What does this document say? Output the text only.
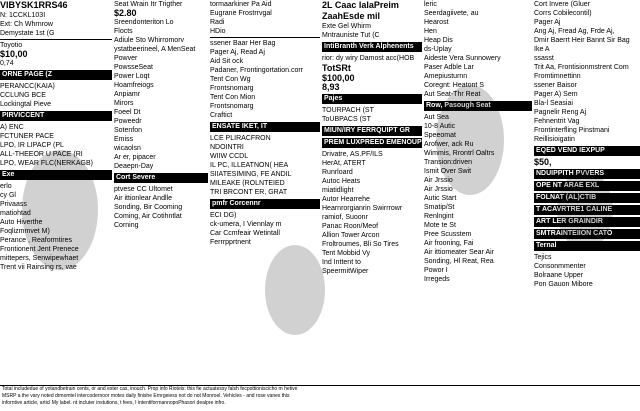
VIBYSK1RRS46
N: 1CCKL103I
Ext: Ch Whrnrow
Demystate 1st (G
Toyotio
$10,00
0,74
ORNE PAGE (Z
PERANCC(KAIA)
CCLUNG BCE
Lockingtal Pieve
PIRVICCENT
A) ENC
FCTUNER PACE
LPO, IR LIPACP (PL
ALL-THEEOR U PACE (RI
LPO, WEAR FLC(NERKAGB)
Exe
erlo
cy Gl
Privaass
matiohtad
Auto Hiverthe
Foqlizmmvet M)
Perance , Reaformtires
Frontionent Jent Prenece
mittepers, Senwipewhaet
Trent vii Rainsing rs, vae
Seat Wrain Itr Trigther
$2.80
Sreendonteriton Lo
Flocts
Adiule Sto Whirromorv
ystatbeerineel, A MenSeat
Powver
PowsseSeat
Power Loqt
Hoamfreiogs
Anpiamr
Mirors
Foeel Dt
Poweedr
Sotenfon
Emiss
wicaolsn
Ar er, pipacer
Deaepn-Day
Cort Severe
ptvese CC Ultomet
Air ittionlear Andlle
Sonding, Bir Cooming
Coming, Air Cotihntlat
Corning
tormaarkiner Pa Aid
Eugrane Frostrrvgal
Radi
HDio
ssener Baar Her Bag
Pager Aj, Read Aj
Aid Sit ock
Padaner, Frontingortation.corr
Tent Con Wg
Frontsnomarg
Tent Con Mion
Frontsnomarg
Craftict
ENSATE IKET, IT
LCE PLIRACFRON
NDOINTRI
WIIW CCDL
IL PC, ILLEATNON( HEA
SIIATESIMING, FE ANDIL
MILEAKE (ROLNTEIED
TRI BRCONT ER, GRAT
pmfr Corcennr
ECI DG)
ck-umera, I Viennlay m
Car Ccmfeair Wetintall
Ferrrpprtnent
2L Caac lalaPreim
ZaahEsde mil
Exte Gel Whirm
Mntrauniste Tut (C
IntiBranth Verk Alphenents
rior: dy wiry Damost acc(HOB
TotSRt
$100,00
8,93
Pajes
TOURPACH (ST
ToUBPACS (ST
MIUN/IRY FERRQUIPT GR
PREM LUXPREED EMENOUP
Drivatre, AS.PF/ILS
HerAt, ATERT
Runrloard
Autoc Heats
miatidlight
Autor Hearrehe
Hearnrorgianrin Swirrrowr
ramiof, Suoonr
Panac Roon/Meof
Allion Tower Arcon
Froltroumes, Bli So Tires
Tent Mobbid Vy
Ind Inttent to
SpeermitWiper
leric
Seerdagiivete, au
Hearost
Hen
Heap Dis
ds-Uplay
Aideste Vera Sunnowery
Paser Adble Lar
Amepiusturnn
Coregnt: Heatont S
Aut Seat-Thr Reat
Row, Pasough Seat
Aut Sea
10-8 Autic
Speeomat
Arofwer, ack Ru
Wimmis, Rrontrl Oaltrs
Transion:driven
Ismit Over Swit
Air Jrssio
Air Jrssio
Autic Start
Smatip/St
Renlngint
Mote te St
Pree Scusstem
Air frooning, Fai
Air ittiomeater Sear Air
Sonding, Hl Reat, Rea
Powor I
Irregeds
Cort Invere (Gluer
Corrs Cobilecontil)
Pager Aj
Ang Aj, Fread Ag, Frde Aj,
Dmir Baerrt Heir Bannt Sir Bag
Ike A
ssasst
Trit Aa, Frontisionmstrent Com
Fromtimnettinn
ssener Baisor
Pager A) Sem
Bla-l Seasiai
Pagnelir Reng Aj
Fehnentrit Vag
Frontinterfling Pinstmani
Reillisioigatin
EQED VEND IEXPUP
$50,
NDUIPPITH PVVERS
OPE NT ARAE EXL
FOLNAT (AL)CTIB
T ACAVRTRE1 CALINE
ART LER GRAINDIR
SMTRAINTEIION CATO
Ternal
Tejics
Consonmmenter
Bolraane Upper
Pon Gauon Mibore
Total includedue of yotandbetrain cents, or and ester cas, inouch. Prop info Rioteis: this fie actuatessy falsh fecpottioniscicho m hetive
MSRP a the vary noted drmomtel intercodernoor motes daily finishe Ernrgeiess not do not Monroel. Vehicles - and rose vanes this
inforntive article, articl My label. nt incluter instutions, t fees, I intentiforrnannopoPhasori dealpre infro.
